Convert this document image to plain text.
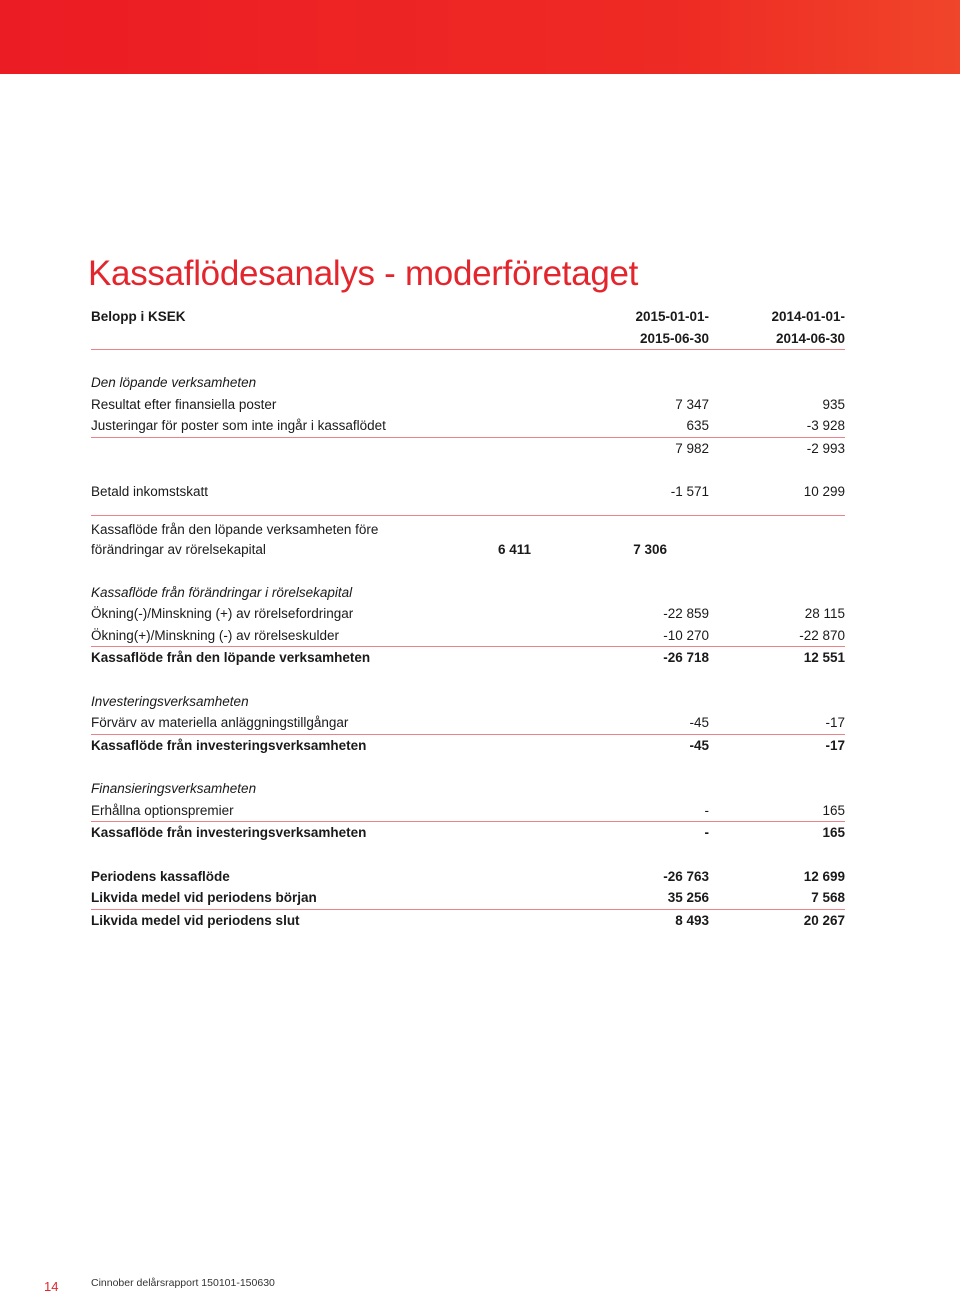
Kassaflödesanalys - moderföretaget
Belopp i KSEK	2015-01-01-	2014-01-01-
2015-06-30	2014-06-30
Den löpande verksamheten
Resultat efter finansiella poster	7 347	935
Justeringar för poster som inte ingår i kassaflödet	635	-3 928
7 982	-2 993
Betald inkomstskatt	-1 571	10 299
Kassaflöde från den löpande verksamheten före förändringar av rörelsekapital	6 411	7 306
Kassaflöde från förändringar i rörelsekapital
Ökning(-)/Minskning (+) av rörelsefordringar	-22 859	28 115
Ökning(+)/Minskning (-) av rörelseskulder	-10 270	-22 870
Kassaflöde från den löpande verksamheten	-26 718	12 551
Investeringsverksamheten
Förvärv av materiella anläggningstillgångar	-45	-17
Kassaflöde från investeringsverksamheten	-45	-17
Finansieringsverksamheten
Erhållna optionspremier	-	165
Kassaflöde från investeringsverksamheten	-	165
Periodens kassaflöde	-26 763	12 699
Likvida medel vid periodens början	35 256	7 568
Likvida medel vid periodens slut	8 493	20 267
14	Cinnober delårsrapport 150101-150630
